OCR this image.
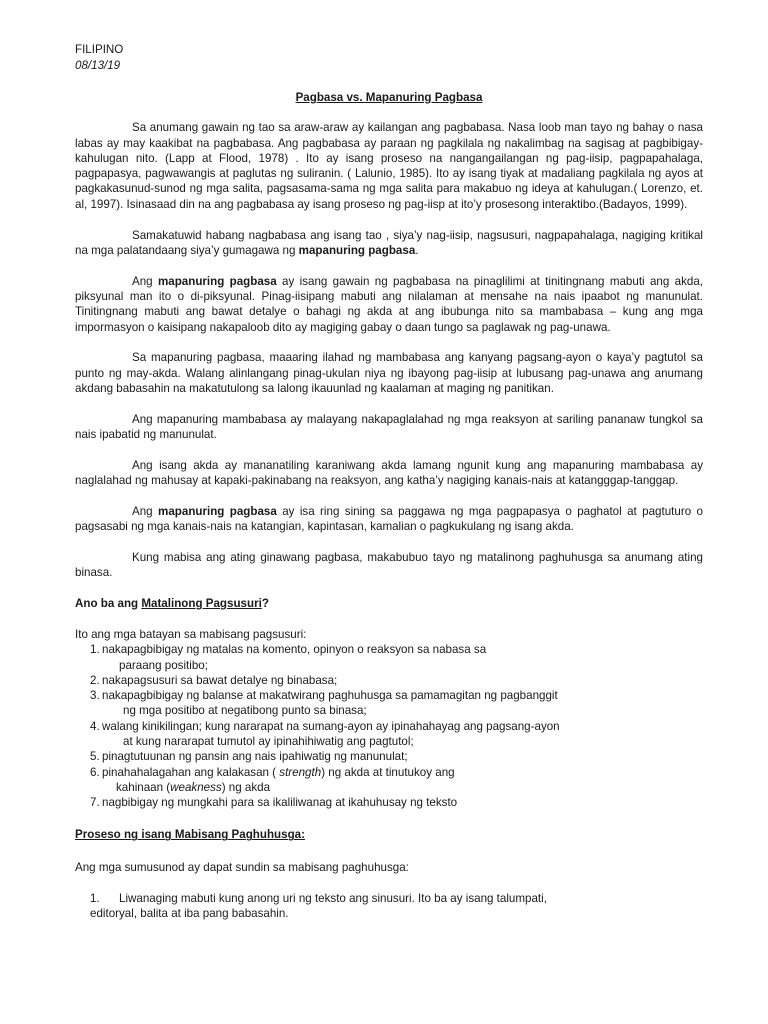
FILIPINO
08/13/19
Pagbasa vs. Mapanuring Pagbasa

Sa anumang gawain ng tao sa araw-araw ay kailangan ang pagbabasa. Nasa loob man tayo ng bahay o nasa labas ay may kaakibat na pagbabasa. Ang pagbabasa ay paraan ng pagkilala ng nakalimbag na sagisag at pagbibigay-kahulugan nito. (Lapp at Flood, 1978) . Ito ay isang proseso na nangangailangan ng pag-iisip, pagpapahalaga, pagpapasya, pagwawangis at paglutas ng suliranin. ( Lalunio, 1985). Ito ay isang tiyak at madaliang pagkilala ng ayos at pagkakasunud-sunod ng mga salita, pagsasama-sama ng mga salita para makabuo ng ideya at kahulugan.( Lorenzo, et. al, 1997). Isinasaad din na ang pagbabasa ay isang proseso ng pag-iisp at ito’y prosesong interaktibo.(Badayos, 1999).

Samakatuwid habang nagbabasa ang isang tao , siya’y nag-iisip, nagsusuri, nagpapahalaga, nagiging kritikal na mga palatandaang siya’y gumagawa ng mapanuring pagbasa.

Ang mapanuring pagbasa ay isang gawain ng pagbabasa na pinaglilimi at tinitingnang mabuti ang akda, piksyunal man ito o di-piksyunal. Pinag-iisipang mabuti ang nilalaman at mensahe na nais ipaabot ng manunulat. Tinitingnang mabuti ang bawat detalye o bahagi ng akda at ang ibubunga nito sa mambabasa – kung ang mga impormasyon o kaisipang nakapaloob dito ay magiging gabay o daan tungo sa paglawak ng pag-unawa.

Sa mapanuring pagbasa, maaaring ilahad ng mambabasa ang kanyang pagsang-ayon o kaya’y pagtutol sa punto ng may-akda. Walang alinlangang pinag-ukulan niya ng ibayong pag-iisip at lubusang pag-unawa ang anumang akdang babasahin na makatutulong sa lalong ikauunlad ng kaalaman at maging ng panitikan.

Ang mapanuring mambabasa ay malayang nakapaglalahad ng mga reaksyon at sariling pananaw tungkol sa nais ipabatid ng manunulat.

Ang isang akda ay mananatiling karaniwang akda lamang ngunit kung ang mapanuring mambabasa ay naglalahad ng mahusay at kapaki-pakinabang na reaksyon, ang katha’y nagiging kanais-nais at katangggap-tanggap.

Ang mapanuring pagbasa ay isa ring sining sa paggawa ng mga pagpapasya o paghatol at pagtuturo o pagsasabi ng mga kanais-nais na katangian, kapintasan, kamalian o pagkukulang ng isang akda.

Kung mabisa ang ating ginawang pagbasa, makabubuo tayo ng matalinong paghuhusga sa anumang ating binasa.

Ano ba ang Matalinong Pagsusuri?

Ito ang mga batayan sa mabisang pagsusuri:

1. nakapagbibigay ng matalas na komento, opinyon o reaksyon sa nabasa sa
paraang positibo;
2. nakapagsusuri sa bawat detalye ng binabasa;
3. nakapagbibigay ng balanse at makatwirang paghuhusga sa pamamagitan ng pagbanggit
ng mga positibo at negatibong punto sa binasa;
4. walang kinikilingan; kung nararapat na sumang-ayon ay ipinahahayag ang pagsang-ayon
at kung nararapat tumutol ay ipinahihiwatig ang pagtutol;
5. pinagtutuunan ng pansin ang nais ipahiwatig ng manunulat;
6. pinahahalagahan ang kalakasan ( strength) ng akda at tinutukoy ang
kahinaan (weakness) ng akda
7. nagbibigay ng mungkahi para sa ikaliliwanag at ikahuhusay ng teksto

Proseso ng isang Mabisang Paghuhusga:

Ang mga sumusunod ay dapat sundin sa mabisang paghuhusga:

1. Liwanaging mabuti kung anong uri ng teksto ang sinusuri. Ito ba ay isang talumpati,
editoryal, balita at iba pang babasahin.
